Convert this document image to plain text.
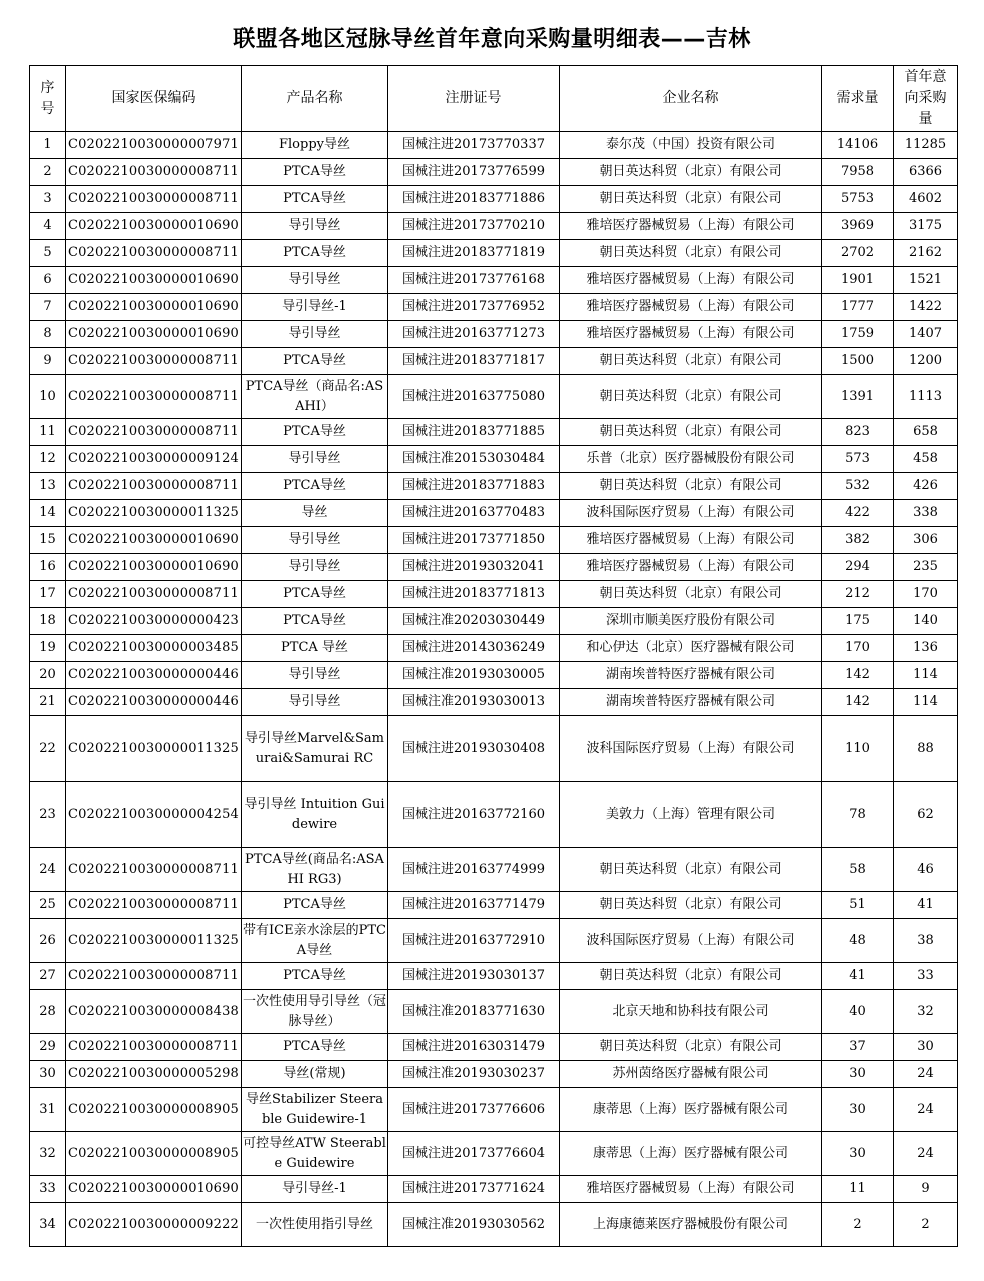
联盟各地区冠脉导丝首年意向采购量明细表——吉林
序号	国家医保编码	产品名称	注册证号	企业名称	需求量	首年意向采购量
1	C0202210030000007971	Floppy导丝	国械注进20173770337	泰尔茂（中国）投资有限公司	14106	11285
2	C0202210030000008711	PTCA导丝	国械注进20173776599	朝日英达科贸（北京）有限公司	7958	6366
3	C0202210030000008711	PTCA导丝	国械注进20183771886	朝日英达科贸（北京）有限公司	5753	4602
4	C0202210030000010690	导引导丝	国械注进20173770210	雅培医疗器械贸易（上海）有限公司	3969	3175
5	C0202210030000008711	PTCA导丝	国械注进20183771819	朝日英达科贸（北京）有限公司	2702	2162
6	C0202210030000010690	导引导丝	国械注进20173776168	雅培医疗器械贸易（上海）有限公司	1901	1521
7	C0202210030000010690	导引导丝-1	国械注进20173776952	雅培医疗器械贸易（上海）有限公司	1777	1422
8	C0202210030000010690	导引导丝	国械注进20163771273	雅培医疗器械贸易（上海）有限公司	1759	1407
9	C0202210030000008711	PTCA导丝	国械注进20183771817	朝日英达科贸（北京）有限公司	1500	1200
10	C0202210030000008711	PTCA导丝（商品名:ASAHI）	国械注进20163775080	朝日英达科贸（北京）有限公司	1391	1113
11	C0202210030000008711	PTCA导丝	国械注进20183771885	朝日英达科贸（北京）有限公司	823	658
12	C0202210030000009124	导引导丝	国械注准20153030484	乐普（北京）医疗器械股份有限公司	573	458
13	C0202210030000008711	PTCA导丝	国械注进20183771883	朝日英达科贸（北京）有限公司	532	426
14	C0202210030000011325	导丝	国械注进20163770483	波科国际医疗贸易（上海）有限公司	422	338
15	C0202210030000010690	导引导丝	国械注进20173771850	雅培医疗器械贸易（上海）有限公司	382	306
16	C0202210030000010690	导引导丝	国械注进20193032041	雅培医疗器械贸易（上海）有限公司	294	235
17	C0202210030000008711	PTCA导丝	国械注进20183771813	朝日英达科贸（北京）有限公司	212	170
18	C0202210030000000423	PTCA导丝	国械注准20203030449	深圳市顺美医疗股份有限公司	175	140
19	C0202210030000003485	PTCA 导丝	国械注进20143036249	和心伊达（北京）医疗器械有限公司	170	136
20	C0202210030000000446	导引导丝	国械注准20193030005	湖南埃普特医疗器械有限公司	142	114
21	C0202210030000000446	导引导丝	国械注准20193030013	湖南埃普特医疗器械有限公司	142	114
22	C0202210030000011325	导引导丝Marvel&Samurai&Samurai RC	国械注进20193030408	波科国际医疗贸易（上海）有限公司	110	88
23	C0202210030000004254	导引导丝 Intuition Guidewire	国械注进20163772160	美敦力（上海）管理有限公司	78	62
24	C0202210030000008711	PTCA导丝(商品名:ASAHI RG3)	国械注进20163774999	朝日英达科贸（北京）有限公司	58	46
25	C0202210030000008711	PTCA导丝	国械注进20163771479	朝日英达科贸（北京）有限公司	51	41
26	C0202210030000011325	带有ICE亲水涂层的PTCA导丝	国械注进20163772910	波科国际医疗贸易（上海）有限公司	48	38
27	C0202210030000008711	PTCA导丝	国械注进20193030137	朝日英达科贸（北京）有限公司	41	33
28	C0202210030000008438	一次性使用导引导丝（冠脉导丝）	国械注准20183771630	北京天地和协科技有限公司	40	32
29	C0202210030000008711	PTCA导丝	国械注进20163031479	朝日英达科贸（北京）有限公司	37	30
30	C0202210030000005298	导丝(常规)	国械注准20193030237	苏州茵络医疗器械有限公司	30	24
31	C0202210030000008905	导丝Stabilizer Steerable Guidewire-1	国械注进20173776606	康蒂思（上海）医疗器械有限公司	30	24
32	C0202210030000008905	可控导丝ATW Steerable Guidewire	国械注进20173776604	康蒂思（上海）医疗器械有限公司	30	24
33	C0202210030000010690	导引导丝-1	国械注进20173771624	雅培医疗器械贸易（上海）有限公司	11	9
34	C0202210030000009222	一次性使用指引导丝	国械注准20193030562	上海康德莱医疗器械股份有限公司	2	2
